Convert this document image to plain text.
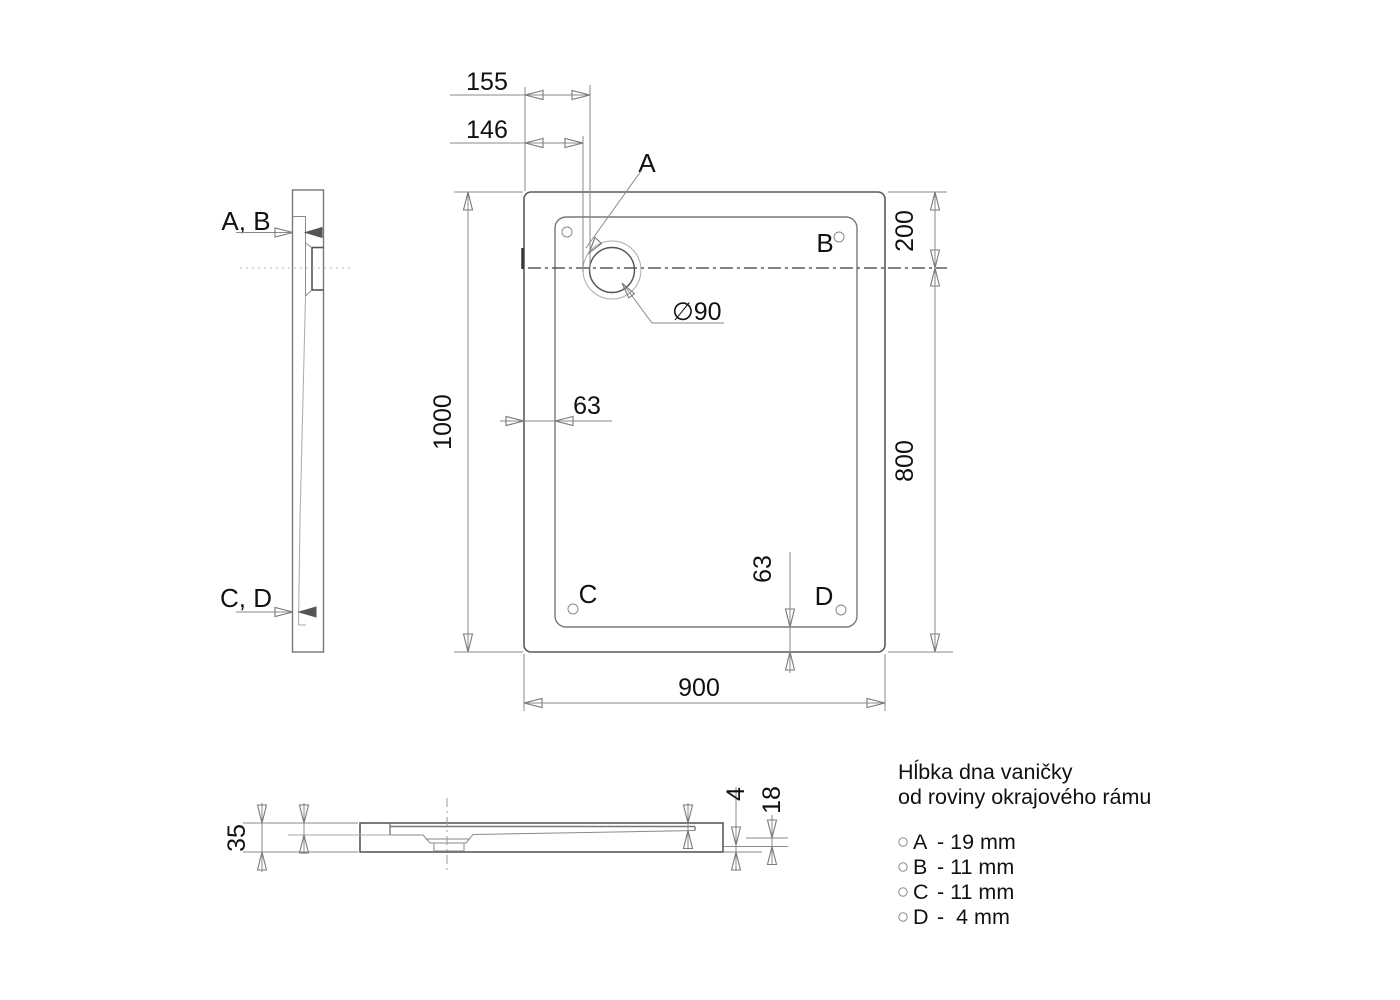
A, B
C, D
A
B
C	D
∅90
155
146
1000
200
800
63
63
900
35
4 18
Hĺbka dna vaničky
od roviny okrajového rámu
A - 19 mm
B - 11 mm
C - 11 mm
D -  4 mm
